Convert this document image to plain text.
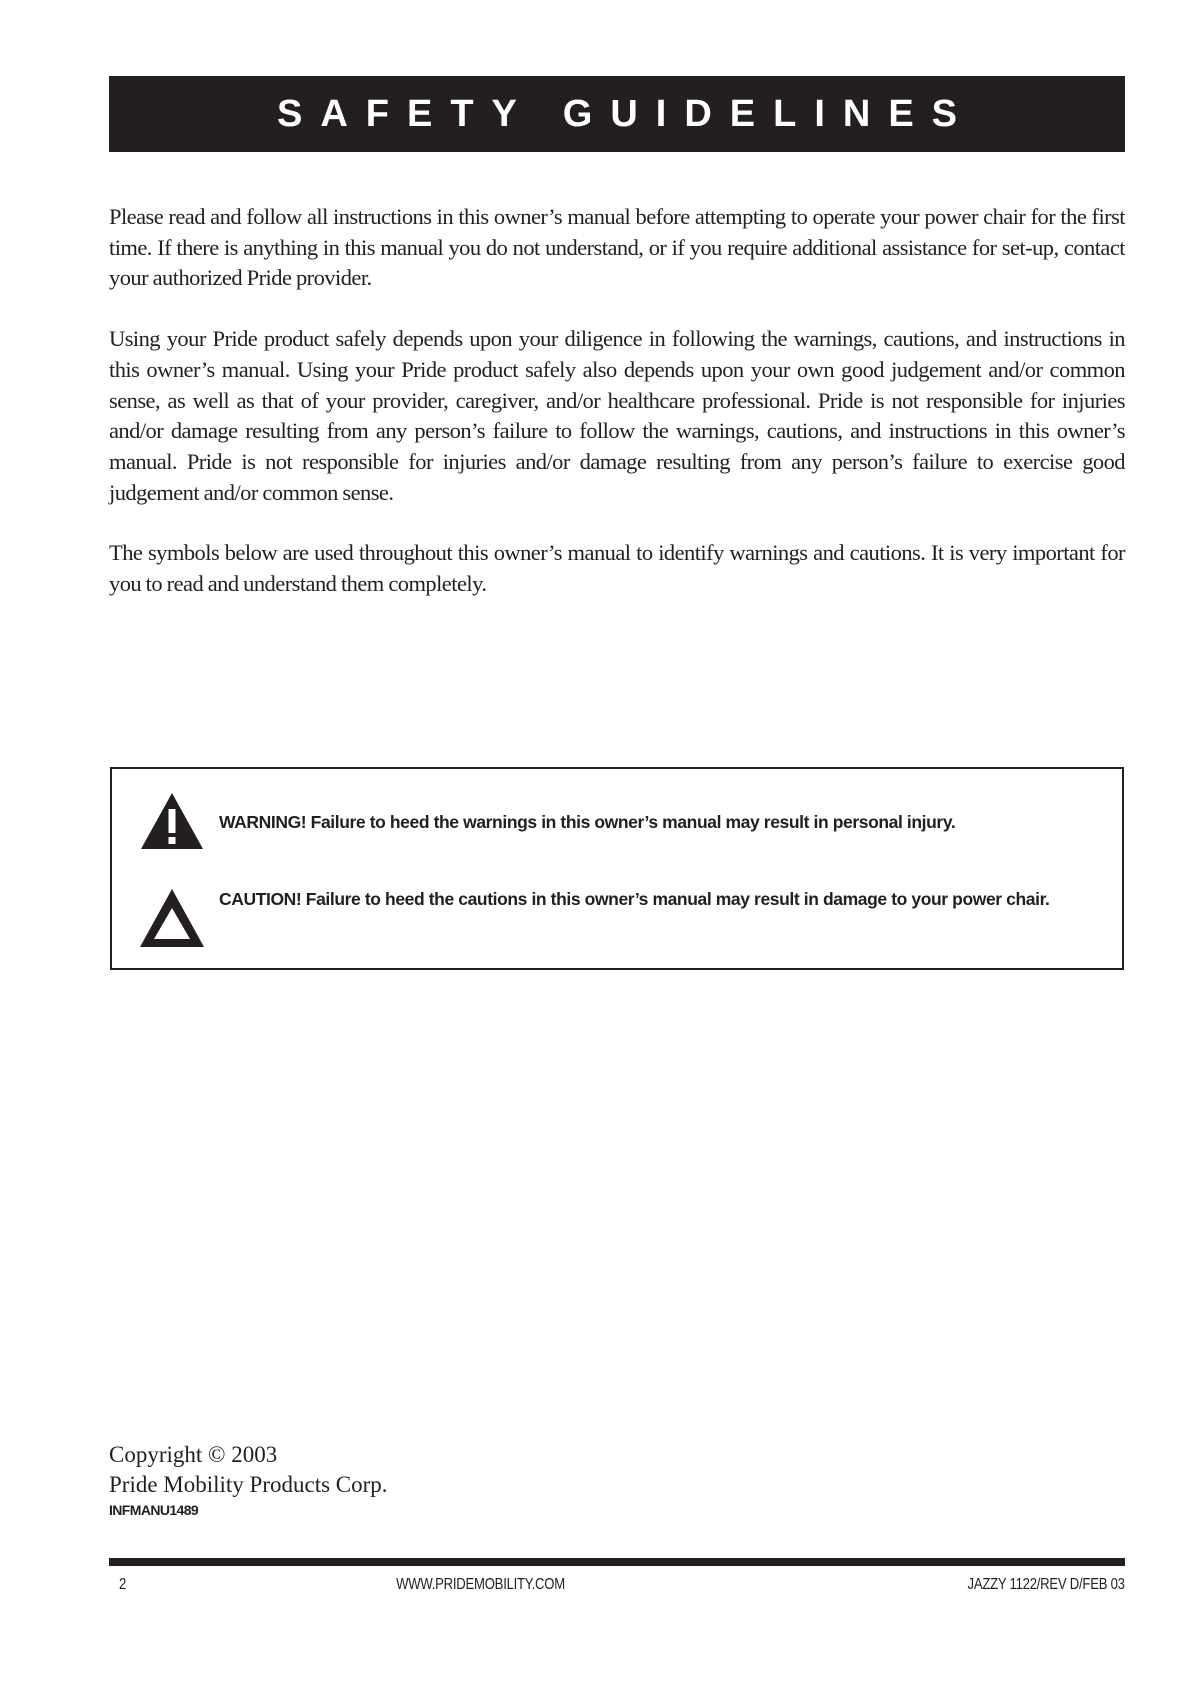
SAFETY GUIDELINES

Please read and follow all instructions in this owner’s manual before attempting to operate your power chair for the first time. If there is anything in this manual you do not understand, or if you require additional assistance for set-up, contact your authorized Pride provider.

Using your Pride product safely depends upon your diligence in following the warnings, cautions, and instructions in this owner’s manual. Using your Pride product safely also depends upon your own good judgement and/or common sense, as well as that of your provider, caregiver, and/or healthcare professional. Pride is not responsible for injuries and/or damage resulting from any person’s failure to follow the warnings, cautions, and instructions in this owner’s manual. Pride is not responsible for injuries and/or damage resulting from any person’s failure to exercise good judgement and/or common sense.

The symbols below are used throughout this owner’s manual to identify warnings and cautions. It is very important for you to read and understand them completely.

WARNING! Failure to heed the warnings in this owner’s manual may result in personal injury.
CAUTION! Failure to heed the cautions in this owner’s manual may result in damage to your power chair.
Copyright © 2003
Pride Mobility Products Corp.
INFMANU1489
2	WWW.PRIDEMOBILITY.COM	JAZZY 1122/REV D/FEB 03
